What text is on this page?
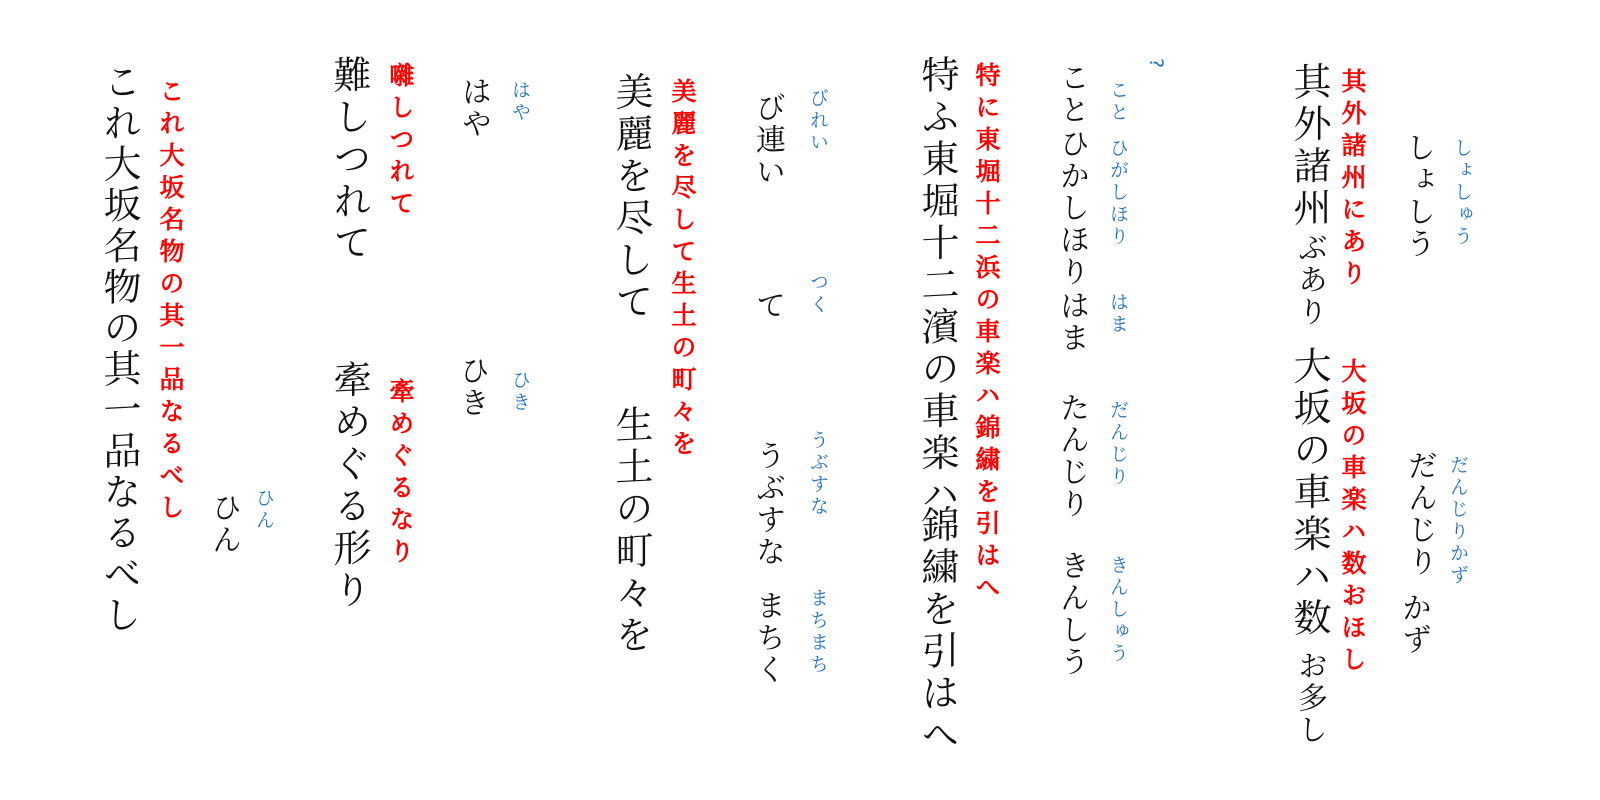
しょしゅう
しょしう
だんじりかず
だんじり
かず
其外諸州にあり
大坂の車楽ハ数おほし
其外諸州
ぶあり
大坂の車楽ハ数
お多し
?
こと
ひがしほり
はま
だんじり
きんしゅう
こと
ひかしほり
はま
たんじり
きんしう
特に東堀十二浜の車楽ハ錦繍を引はへ
特ふ東堀十二濱の車楽ハ
錦繍を引はへ
びれい
つく
うぶすな
まちまち
び連い
て
うぶすな
まちく
美麗を尽して生土の町々を
美麗を尽して
生土の町々を
はや
ひき
はや
ひき
囃しつれて
牽めぐるなり
難しつれて
牽めぐる形り
ひん
ひん
これ大坂名物の其一品なるべし
これ大坂名物の其一品なるべし
